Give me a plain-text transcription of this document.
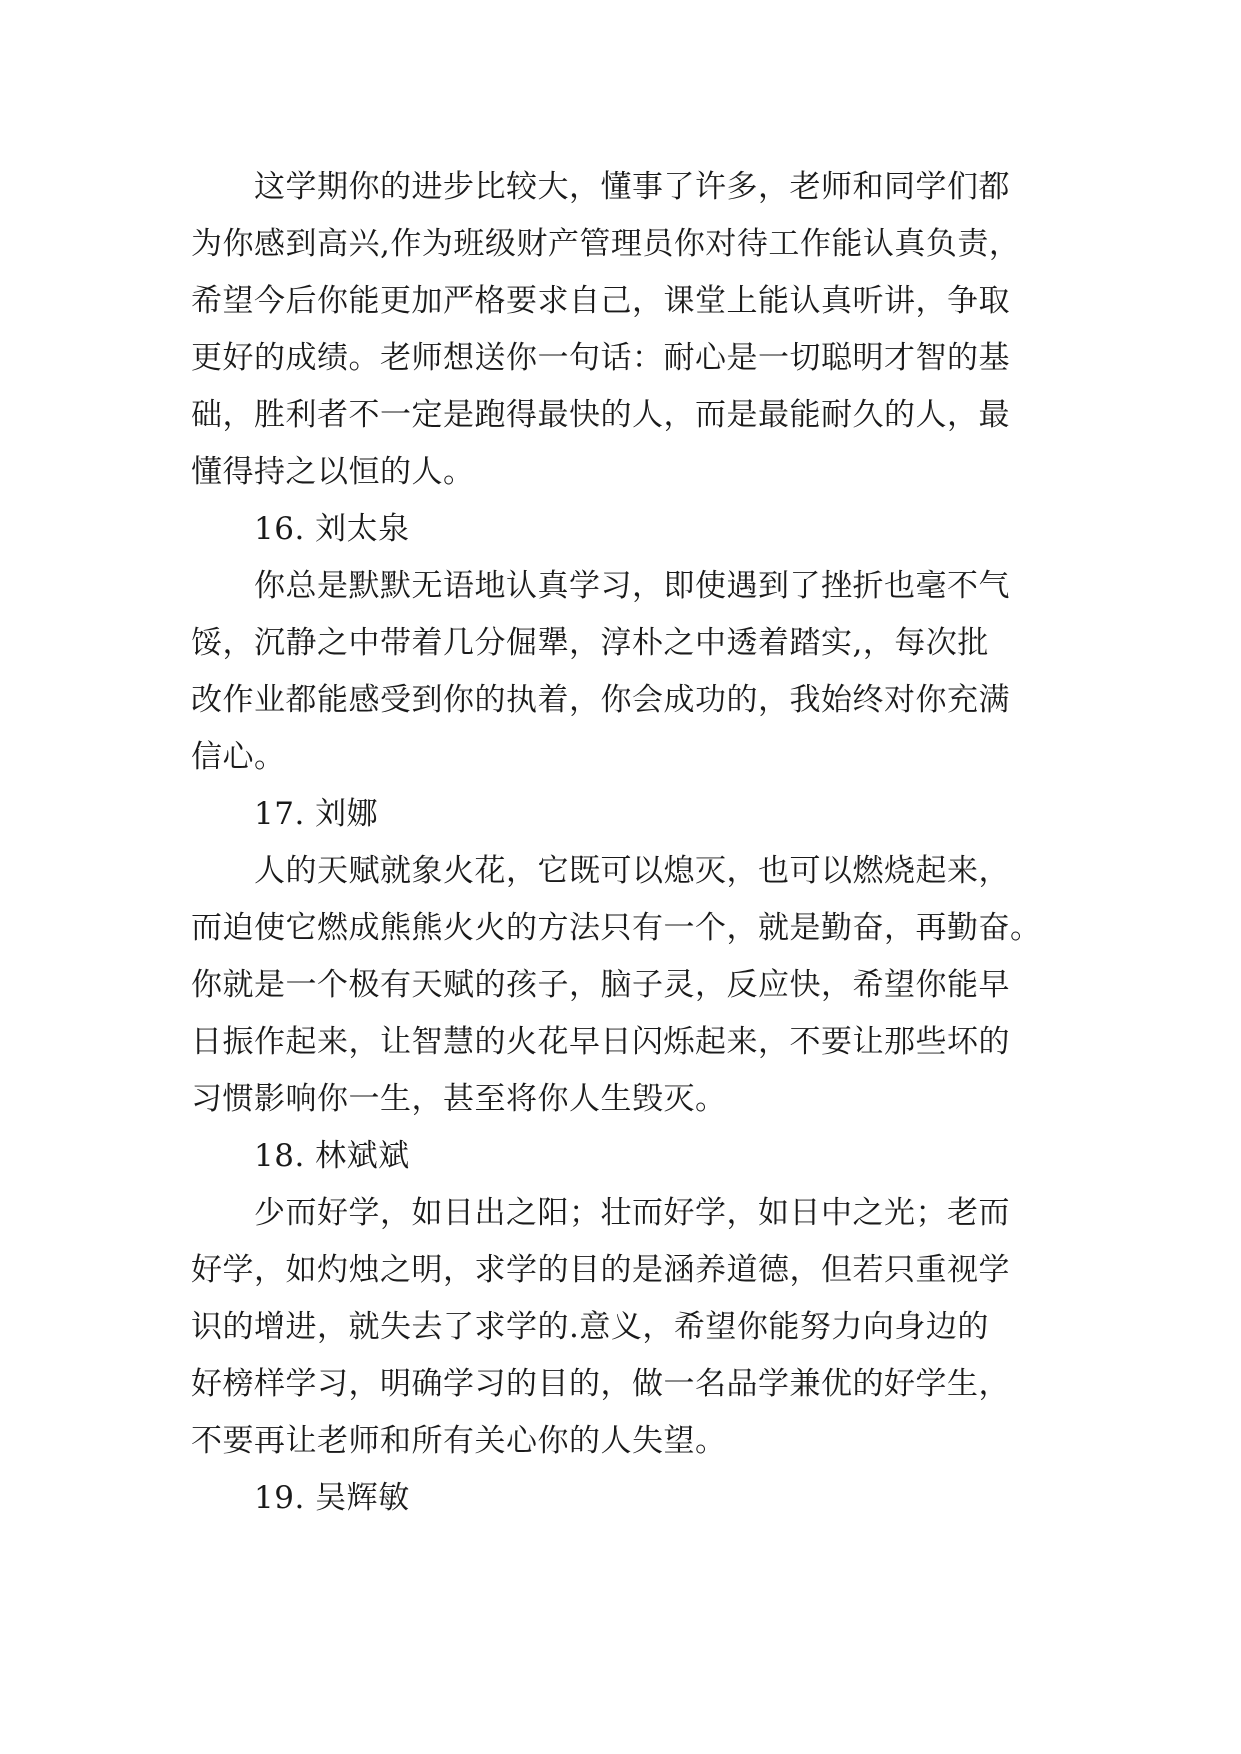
这学期你的进步比较大，懂事了许多，老师和同学们都
为你感到高兴,作为班级财产管理员你对待工作能认真负责，
希望今后你能更加严格要求自己，课堂上能认真听讲，争取
更好的成绩。老师想送你一句话：耐心是一切聪明才智的基
础，胜利者不一定是跑得最快的人，而是最能耐久的人，最
懂得持之以恒的人。
16. 刘太泉
你总是默默无语地认真学习，即使遇到了挫折也毫不气
馁，沉静之中带着几分倔犟，淳朴之中透着踏实,，每次批
改作业都能感受到你的执着，你会成功的，我始终对你充满
信心。
17. 刘娜
人的天赋就象火花，它既可以熄灭，也可以燃烧起来，
而迫使它燃成熊熊火火的方法只有一个，就是勤奋，再勤奋。
你就是一个极有天赋的孩子，脑子灵，反应快，希望你能早
日振作起来，让智慧的火花早日闪烁起来，不要让那些坏的
习惯影响你一生，甚至将你人生毁灭。
18. 林斌斌
少而好学，如日出之阳；壮而好学，如日中之光；老而
好学，如灼烛之明，求学的目的是涵养道德，但若只重视学
识的增进，就失去了求学的.意义，希望你能努力向身边的
好榜样学习，明确学习的目的，做一名品学兼优的好学生，
不要再让老师和所有关心你的人失望。
19. 吴辉敏
